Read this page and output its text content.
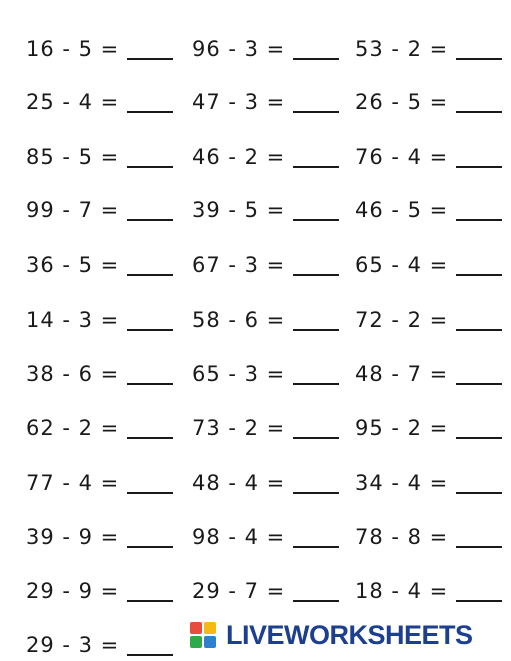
16 - 5 =	96 - 3 =	53 - 2 =
25 - 4 =	47 - 3 =	26 - 5 =
85 - 5 =	46 - 2 =	76 - 4 =
99 - 7 =	39 - 5 =	46 - 5 =
36 - 5 =	67 - 3 =	65 - 4 =
14 - 3 =	58 - 6 =	72 - 2 =
38 - 6 =	65 - 3 =	48 - 7 =
62 - 2 =	73 - 2 =	95 - 2 =
77 - 4 =	48 - 4 =	34 - 4 =
39 - 9 =	98 - 4 =	78 - 8 =
29 - 9 =	29 - 7 =	18 - 4 =
29 - 3 =	LIVEWORKSHEETS
